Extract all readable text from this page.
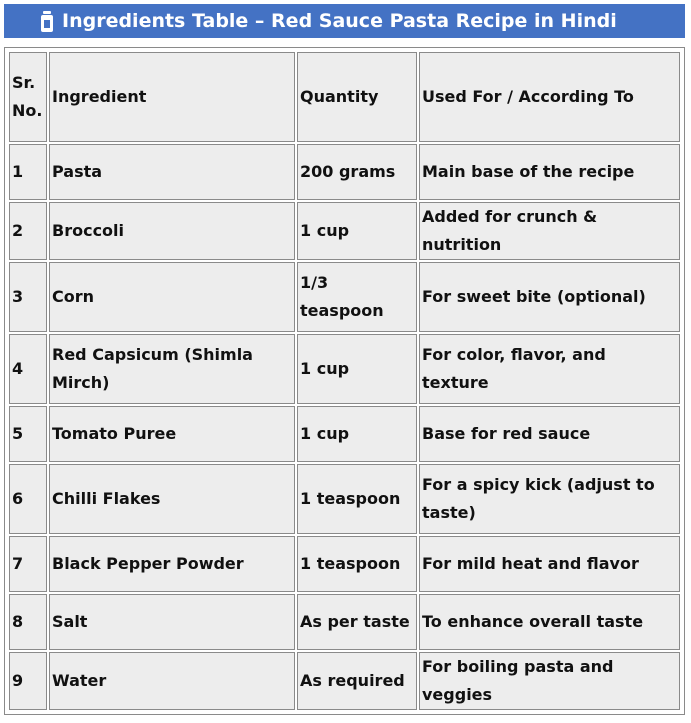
Ingredients Table – Red Sauce Pasta Recipe in Hindi
Sr. No.	Ingredient	Quantity	Used For / According To
1	Pasta	200 grams	Main base of the recipe
2	Broccoli	1 cup	Added for crunch & nutrition
3	Corn	1/3 teaspoon	For sweet bite (optional)
4	Red Capsicum (Shimla Mirch)	1 cup	For color, flavor, and texture
5	Tomato Puree	1 cup	Base for red sauce
6	Chilli Flakes	1 teaspoon	For a spicy kick (adjust to taste)
7	Black Pepper Powder	1 teaspoon	For mild heat and flavor
8	Salt	As per taste	To enhance overall taste
9	Water	As required	For boiling pasta and veggies
